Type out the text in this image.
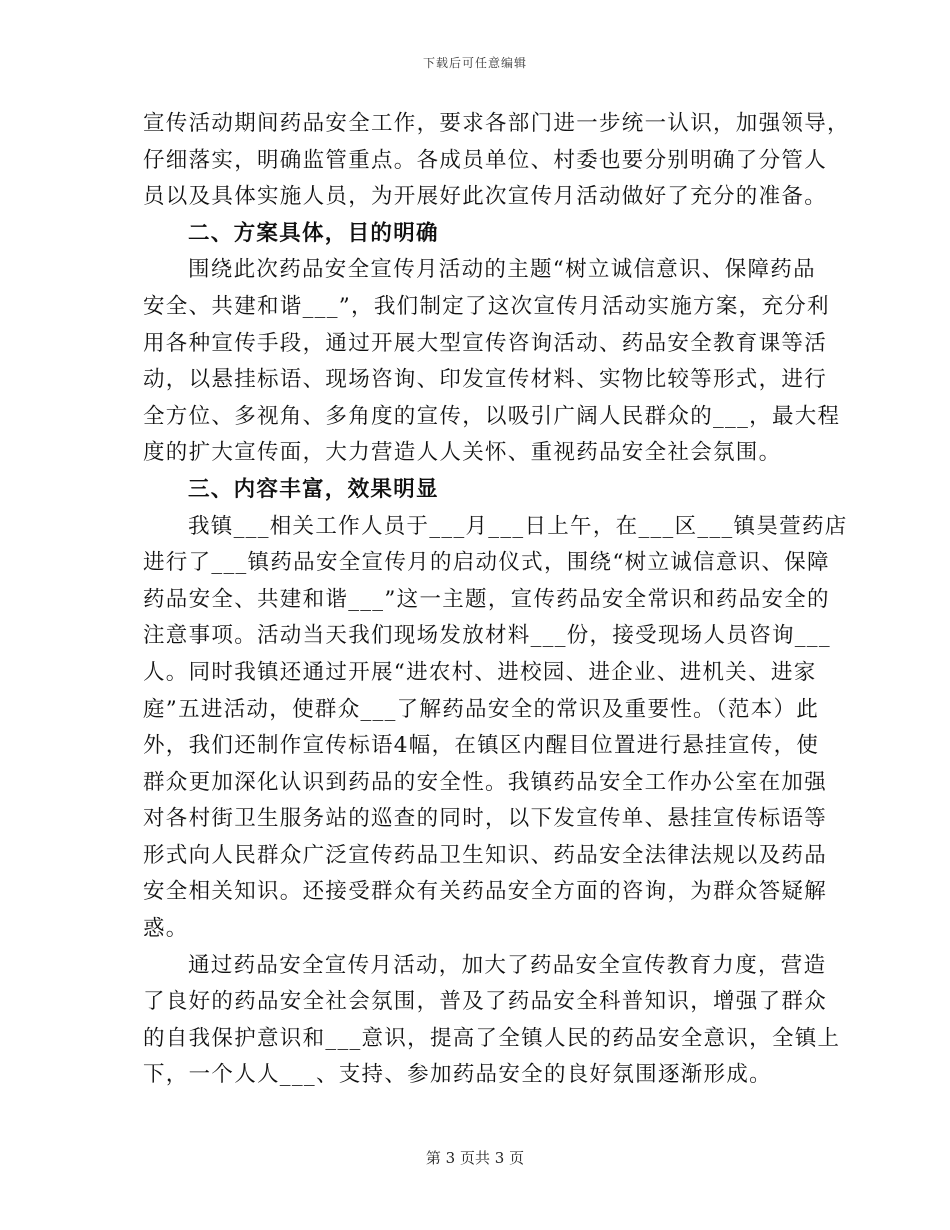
下载后可任意编辑
宣传活动期间药品安全工作，要求各部门进一步统一认识，加强领导，
仔细落实，明确监管重点。各成员单位、村委也要分别明确了分管人
员以及具体实施人员，为开展好此次宣传月活动做好了充分的准备。
二、方案具体，目的明确
围绕此次药品安全宣传月活动的主题“树立诚信意识、保障药品
安全、共建和谐___”，我们制定了这次宣传月活动实施方案，充分利
用各种宣传手段，通过开展大型宣传咨询活动、药品安全教育课等活
动，以悬挂标语、现场咨询、印发宣传材料、实物比较等形式，进行
全方位、多视角、多角度的宣传，以吸引广阔人民群众的___，最大程
度的扩大宣传面，大力营造人人关怀、重视药品安全社会氛围。
三、内容丰富，效果明显
我镇___相关工作人员于___月___日上午，在___区___镇昊萱药店
进行了___镇药品安全宣传月的启动仪式，围绕“树立诚信意识、保障
药品安全、共建和谐___”这一主题，宣传药品安全常识和药品安全的
注意事项。活动当天我们现场发放材料___份，接受现场人员咨询___
人。同时我镇还通过开展“进农村、进校园、进企业、进机关、进家
庭”五进活动，使群众___了解药品安全的常识及重要性。（范本）此
外，我们还制作宣传标语4幅，在镇区内醒目位置进行悬挂宣传，使
群众更加深化认识到药品的安全性。我镇药品安全工作办公室在加强
对各村街卫生服务站的巡查的同时，以下发宣传单、悬挂宣传标语等
形式向人民群众广泛宣传药品卫生知识、药品安全法律法规以及药品
安全相关知识。还接受群众有关药品安全方面的咨询，为群众答疑解
惑。
通过药品安全宣传月活动，加大了药品安全宣传教育力度，营造
了良好的药品安全社会氛围，普及了药品安全科普知识，增强了群众
的自我保护意识和___意识，提高了全镇人民的药品安全意识，全镇上
下，一个人人___、支持、参加药品安全的良好氛围逐渐形成。
第 3 页共 3 页
